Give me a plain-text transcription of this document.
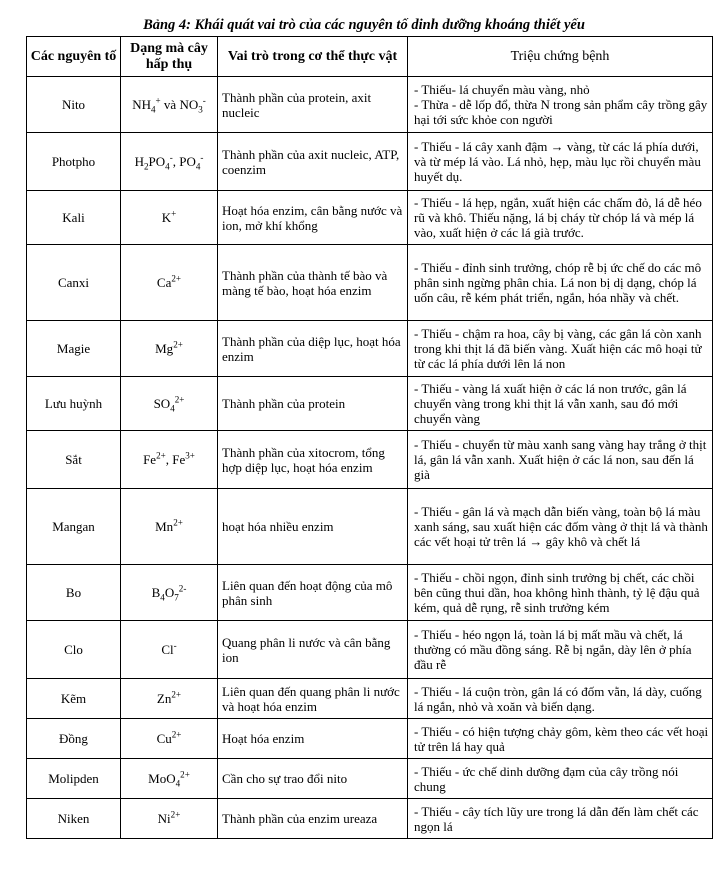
Bảng 4: Khái quát vai trò của các nguyên tố dinh dưỡng khoáng thiết yếu
Các nguyên tố	Dạng mà cây hấp thụ	Vai trò trong cơ thể thực vật	Triệu chứng bệnh
Nito	$NH_4^+$ và $NO_3^-$	Thành phần của protein, axit nucleic	- Thiếu- lá chuyển màu vàng, nhỏ
- Thừa - dễ lốp đổ, thừa N trong sản phẩm cây trồng gây hại tới sức khỏe con người

Photpho	$H_2PO_4^-$, $PO_4^-$	Thành phần của axit nucleic, ATP, coenzim	- Thiếu - lá cây xanh đậm → vàng, từ các lá phía dưới, và từ mép lá vào. Lá nhỏ, hẹp, màu lục rồi chuyển màu huyết dụ.

Kali	K+	Hoạt hóa enzim, cân bằng nước và ion, mở khí khổng	- Thiếu - lá hẹp, ngắn, xuất hiện các chấm đỏ, lá dễ héo rũ và khô. Thiếu nặng, lá bị cháy từ chóp lá và mép lá vào, xuất hiện ở các lá già trước.

Canxi	$Ca^{2+}$	Thành phần của thành tế bào và màng tế bào, hoạt hóa enzim	- Thiếu - đỉnh sinh trưởng, chóp rễ bị ức chế do các mô phân sinh ngừng phân chia. Lá non bị dị dạng, chóp lá uốn câu, rễ kém phát triển, ngắn, hóa nhầy và chết.

Magie	$Mg^{2+}$	Thành phần của diệp lục, hoạt hóa enzim	- Thiếu - chậm ra hoa, cây bị vàng, các gân lá còn xanh trong khi thịt lá đã biến vàng. Xuất hiện các mô hoại tử từ các lá phía dưới lên lá non

Lưu huỳnh	$SO_4^{2+}$	Thành phần của protein	- Thiếu - vàng lá xuất hiện ở các lá non trước, gân lá chuyển vàng trong khi thịt lá vẫn xanh, sau đó mới chuyển vàng

Sắt	$Fe^{2+}$, $Fe^{3+}$	Thành phần của xitocrom, tổng hợp diệp lục, hoạt hóa enzim	- Thiếu - chuyển từ màu xanh sang vàng hay trắng ở thịt lá, gân lá vẫn xanh. Xuất hiện ở các lá non, sau đến lá già

Mangan	$Mn^{2+}$	hoạt hóa nhiều enzim	- Thiếu - gân lá và mạch dẫn biến vàng, toàn bộ lá màu xanh sáng, sau xuất hiện các đốm vàng ở thịt lá và thành các vết hoại tử trên lá → gây khô và chết lá

Bo	$B_4O_7^{2-}$	Liên quan đến hoạt động của mô phân sinh	- Thiếu - chồi ngọn, đỉnh sinh trưởng bị chết, các chồi bên cũng thui dần, hoa không hình thành, tỷ lệ đậu quả kém, quả dễ rụng, rễ sinh trưởng kém

Clo	Cl-	Quang phân li nước và cân bằng ion	- Thiếu - héo ngọn lá, toàn lá bị mất mầu và chết, lá thường có mầu đồng sáng. Rễ bị ngắn, dày lên ở phía đầu rễ

Kẽm	$Zn^{2+}$	Liên quan đến quang phân li nước và hoạt hóa enzim	- Thiếu - lá cuộn tròn, gân lá có đốm vằn, lá dày, cuống lá ngắn, nhỏ và xoăn và biến dạng.

Đồng	$Cu^{2+}$	Hoạt hóa enzim	- Thiếu - có hiện tượng chảy gôm, kèm theo các vết hoại tử trên lá hay quả

Molipden	MoO$_4^{2+}$	Cần cho sự trao đổi nito	- Thiếu - ức chế dinh dưỡng đạm của cây trồng nói chung

Niken	$Ni^{2+}$	Thành phần của enzim ureaza	- Thiếu - cây tích lũy ure trong lá dẫn đến làm chết các ngọn lá
